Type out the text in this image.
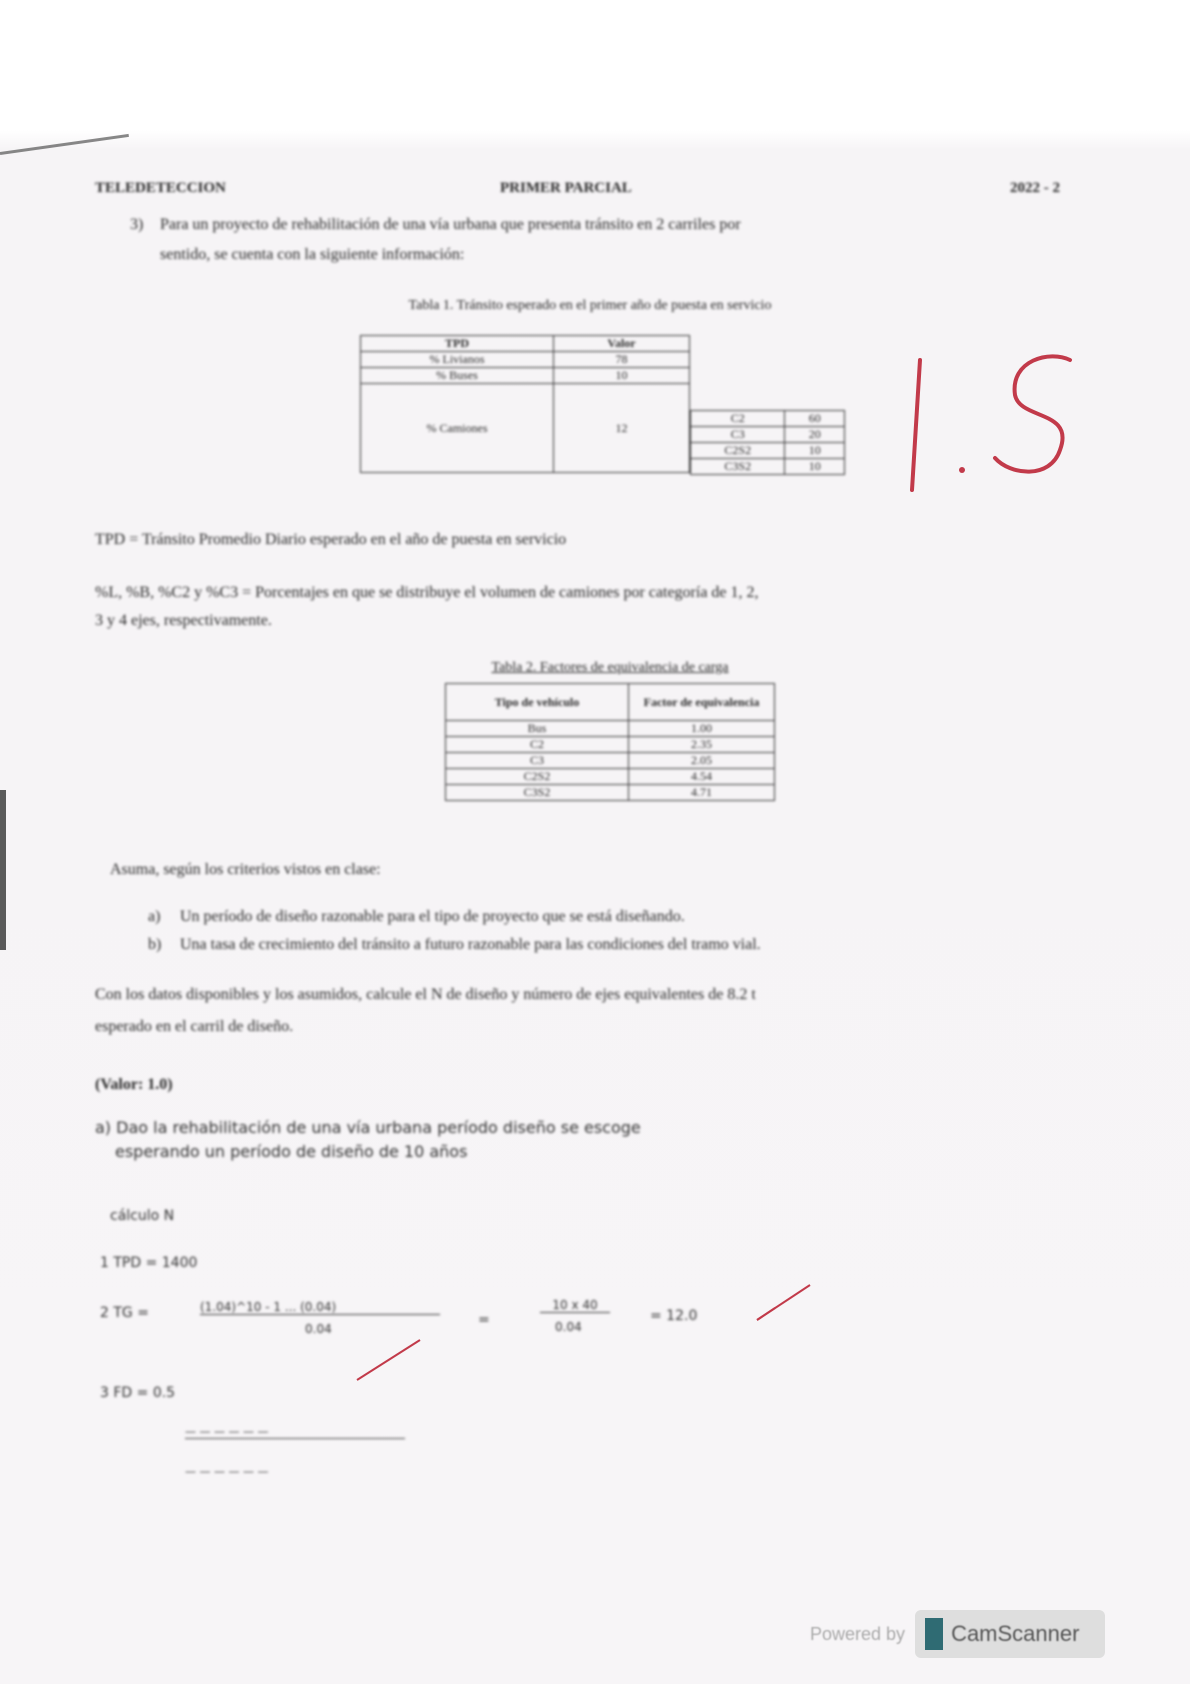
TELEDETECCION	PRIMER PARCIAL	2022 - 2
3) Para un proyecto de rehabilitación de una vía urbana que presenta tránsito en 2 carriles por
sentido, se cuenta con la siguiente información:
Tabla 1. Tránsito esperado en el primer año de puesta en servicio
TPD	Valor
% Livianos	78
% Buses	10
% Camiones	12
C2	60
C3	20
C2S2	10
C3S2	10
TPD = Tránsito Promedio Diario esperado en el año de puesta en servicio
%L, %B, %C2 y %C3 = Porcentajes en que se distribuye el volumen de camiones por categoría de 1, 2,
3 y 4 ejes, respectivamente.
Tabla 2. Factores de equivalencia de carga
Tipo de vehículo	Factor de equivalencia
Bus	1.00
C2	2.35
C3	2.05
C2S2	4.54
C3S2	4.71
Asuma, según los criterios vistos en clase:
a) Un período de diseño razonable para el tipo de proyecto que se está diseñando.
b) Una tasa de crecimiento del tránsito a futuro razonable para las condiciones del tramo vial.
Con los datos disponibles y los asumidos, calcule el N de diseño y número de ejes equivalentes de 8.2 t
esperado en el carril de diseño.
(Valor: 1.0)
a) Dao la rehabilitación de una vía urbana período diseño se escoge
esperando un período de diseño de 10 años
cálculo N
1 TPD = 1400
2 TG =	(1.04)^10 - 1 ... (0.04)
0.04
=
10 x 40
0.04
= 12.0
3 FD = 0.5
— — — — — —
— — — — — —
Powered by CamScanner
